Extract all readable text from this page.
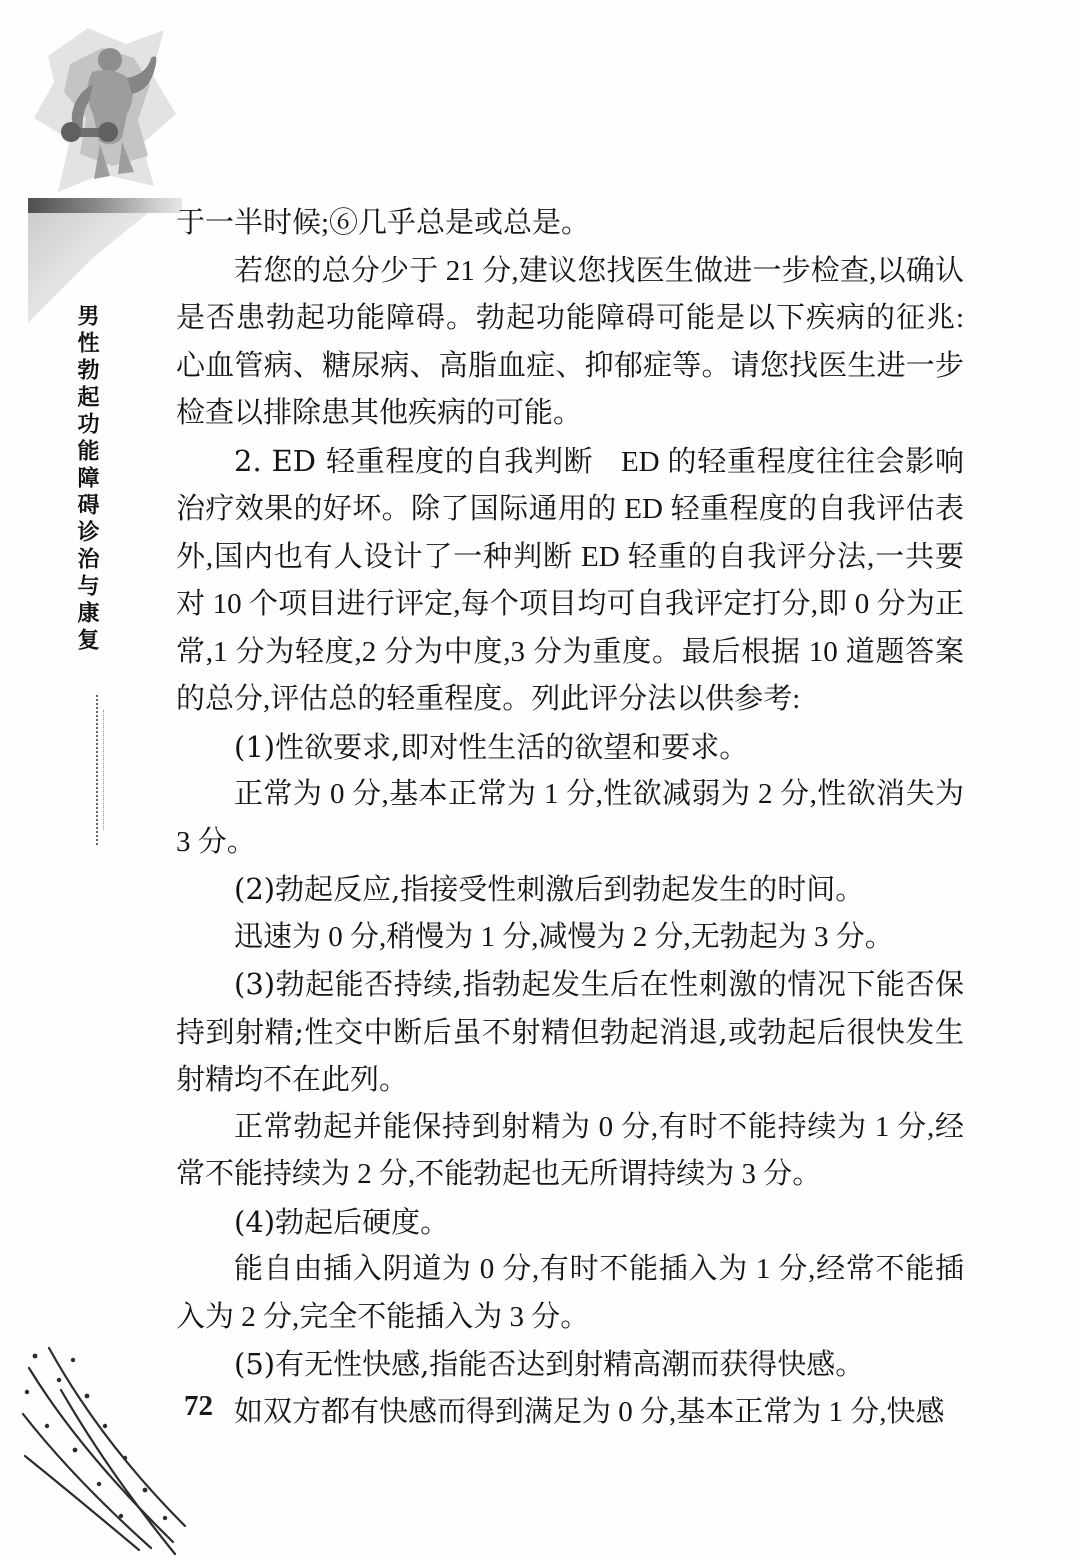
男性勃起功能障碍诊治与康复
72

于一半时候;⑥几乎总是或总是。

若您的总分少于 21 分,建议您找医生做进一步检查,以确认是否患勃起功能障碍。勃起功能障碍可能是以下疾病的征兆:心血管病、糖尿病、高脂血症、抑郁症等。请您找医生进一步检查以排除患其他疾病的可能。

2. ED 轻重程度的自我判断 ED 的轻重程度往往会影响治疗效果的好坏。除了国际通用的 ED 轻重程度的自我评估表外,国内也有人设计了一种判断 ED 轻重的自我评分法,一共要对 10 个项目进行评定,每个项目均可自我评定打分,即 0 分为正常,1 分为轻度,2 分为中度,3 分为重度。最后根据 10 道题答案的总分,评估总的轻重程度。列此评分法以供参考:

(1)性欲要求,即对性生活的欲望和要求。

正常为 0 分,基本正常为 1 分,性欲减弱为 2 分,性欲消失为 3 分。

(2)勃起反应,指接受性刺激后到勃起发生的时间。

迅速为 0 分,稍慢为 1 分,减慢为 2 分,无勃起为 3 分。

(3)勃起能否持续,指勃起发生后在性刺激的情况下能否保持到射精;性交中断后虽不射精但勃起消退,或勃起后很快发生射精均不在此列。

正常勃起并能保持到射精为 0 分,有时不能持续为 1 分,经常不能持续为 2 分,不能勃起也无所谓持续为 3 分。

(4)勃起后硬度。

能自由插入阴道为 0 分,有时不能插入为 1 分,经常不能插入为 2 分,完全不能插入为 3 分。

(5)有无性快感,指能否达到射精高潮而获得快感。

如双方都有快感而得到满足为 0 分,基本正常为 1 分,快感
